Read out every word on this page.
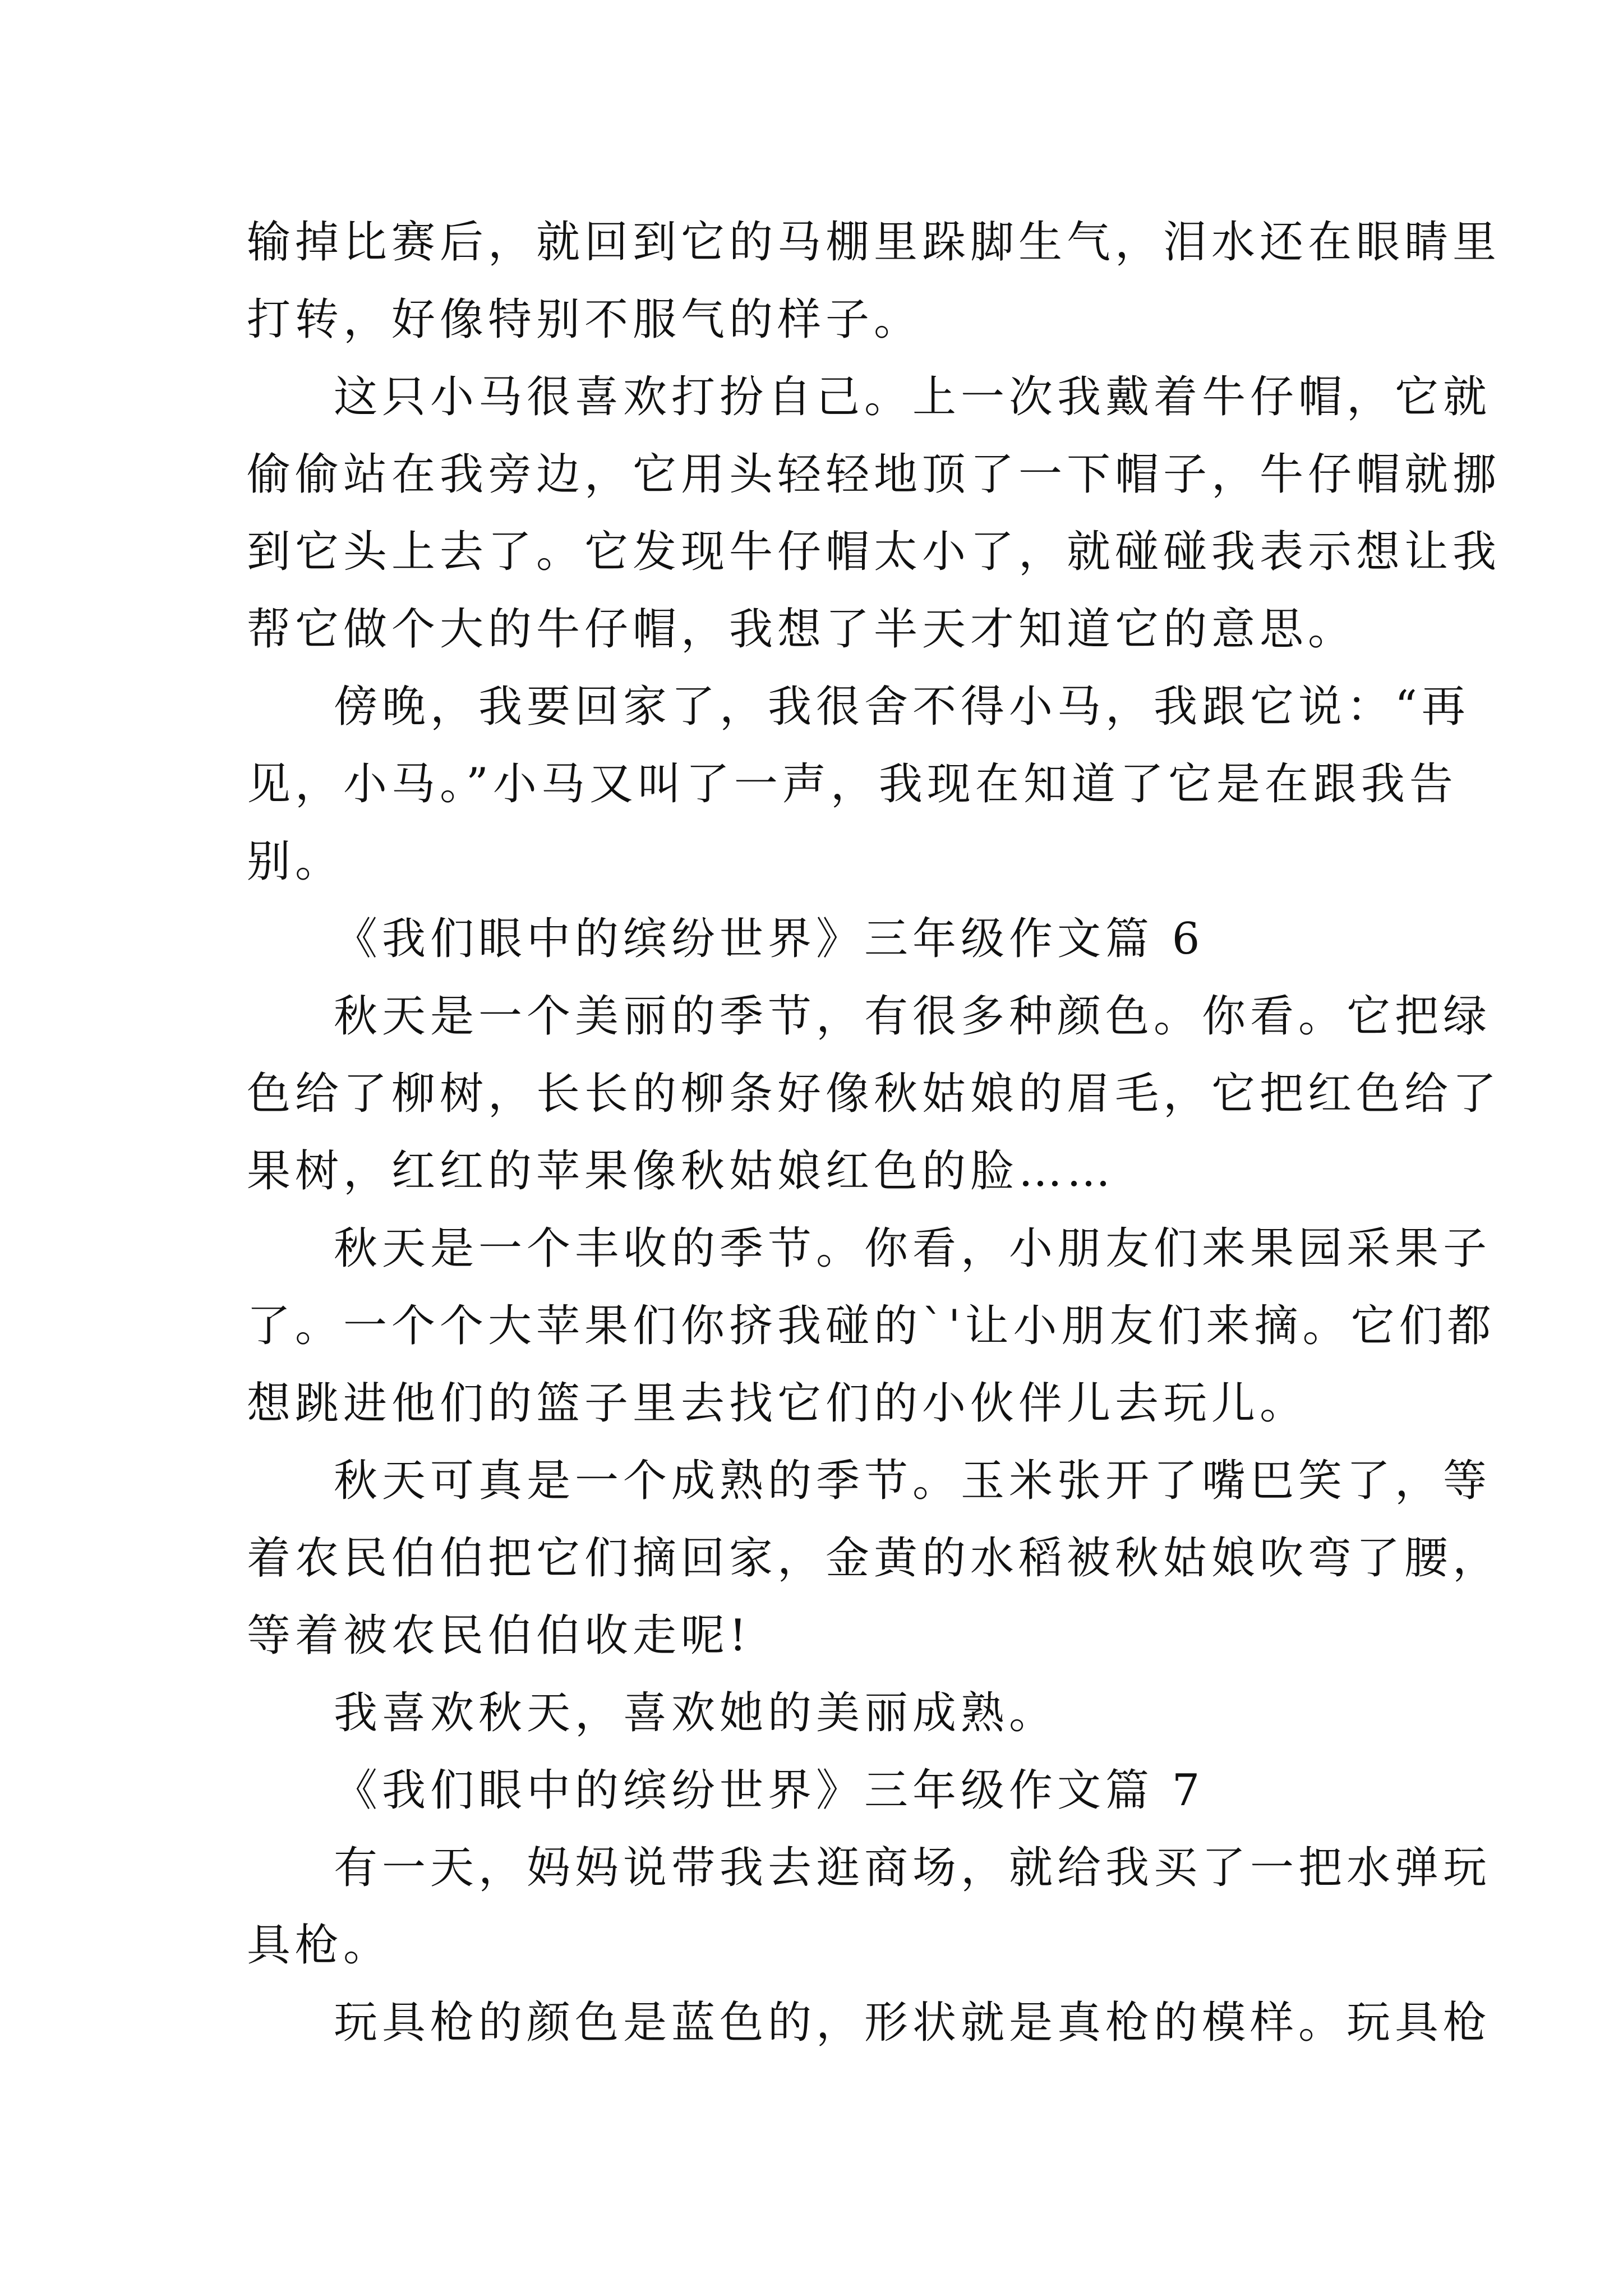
输掉比赛后，就回到它的马棚里跺脚生气，泪水还在眼睛里
打转，好像特别不服气的样子。
这只小马很喜欢打扮自己。上一次我戴着牛仔帽，它就
偷偷站在我旁边，它用头轻轻地顶了一下帽子，牛仔帽就挪
到它头上去了。它发现牛仔帽太小了，就碰碰我表示想让我
帮它做个大的牛仔帽，我想了半天才知道它的意思。
傍晚，我要回家了，我很舍不得小马，我跟它说：“再
见，小马。”小马又叫了一声，我现在知道了它是在跟我告
别。
《我们眼中的缤纷世界》三年级作文篇 6
秋天是一个美丽的季节，有很多种颜色。你看。它把绿
色给了柳树，长长的柳条好像秋姑娘的眉毛，它把红色给了
果树，红红的苹果像秋姑娘红色的脸……
秋天是一个丰收的季节。你看，小朋友们来果园采果子
了。一个个大苹果们你挤我碰的`'让小朋友们来摘。它们都
想跳进他们的篮子里去找它们的小伙伴儿去玩儿。
秋天可真是一个成熟的季节。玉米张开了嘴巴笑了，等
着农民伯伯把它们摘回家，金黄的水稻被秋姑娘吹弯了腰，
等着被农民伯伯收走呢!
我喜欢秋天，喜欢她的美丽成熟。
《我们眼中的缤纷世界》三年级作文篇 7
有一天，妈妈说带我去逛商场，就给我买了一把水弹玩
具枪。
玩具枪的颜色是蓝色的，形状就是真枪的模样。玩具枪
